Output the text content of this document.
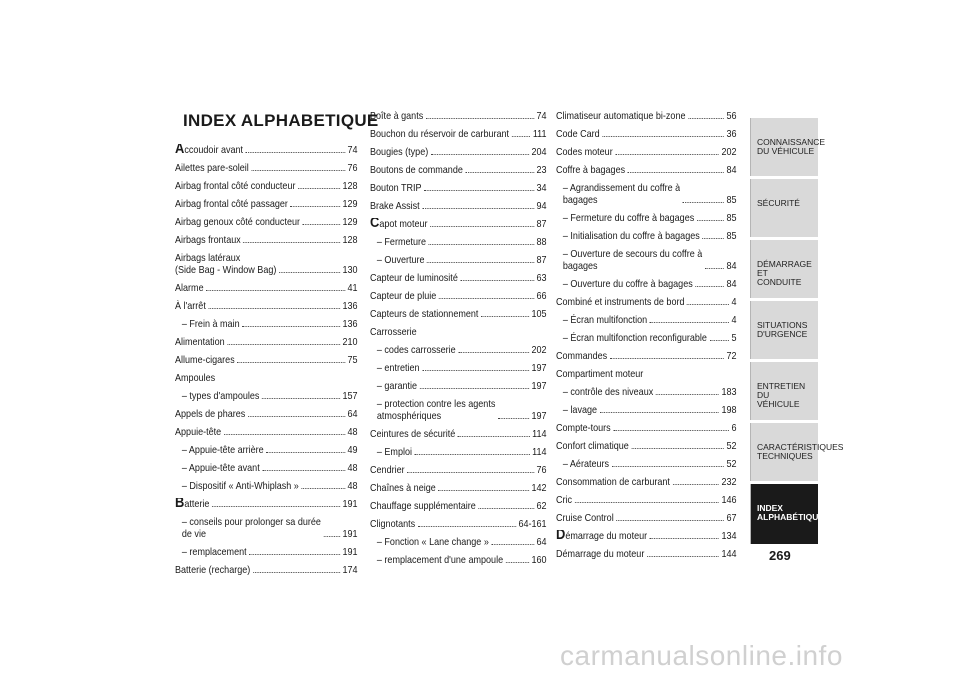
INDEX ALPHABETIQUE
Accoudoir avant	74
Ailettes pare-soleil	76
Airbag frontal côté conducteur	128
Airbag frontal côté passager	129
Airbag genoux côté conducteur	129
Airbags frontaux	128
Airbags latéraux
(Side Bag - Window Bag)	130
Alarme	41
À l'arrêt	136
– Frein à main	136
Alimentation	210
Allume-cigares	75
Ampoules
– types d'ampoules	157
Appels de phares	64
Appuie-tête	48
– Appuie-tête arrière	49
– Appuie-tête avant	48
– Dispositif « Anti-Whiplash »	48
Batterie	191
– conseils pour prolonger sa durée
de vie	191
– remplacement	191
Batterie (recharge)	174
Boîte à gants	74
Bouchon du réservoir de carburant 111
Bougies (type)	204
Boutons de commande	23
Bouton TRIP	34
Brake Assist	94
Capot moteur	87
– Fermeture	88
– Ouverture	87
Capteur de luminosité	63
Capteur de pluie	66
Capteurs de stationnement	105
Carrosserie
– codes carrosserie	202
– entretien	197
– garantie	197
– protection contre les agents
atmosphériques	197
Ceintures de sécurité	114
– Emploi	114
Cendrier	76
Chaînes à neige	142
Chauffage supplémentaire	62
Clignotants	64-161
– Fonction « Lane change »	64
– remplacement d'une ampoule	160
Climatiseur automatique bi-zone	56
Code Card	36
Codes moteur	202
Coffre à bagages	84
– Agrandissement du coffre à
bagages	85
– Fermeture du coffre à bagages	85
– Initialisation du coffre à bagages	85
– Ouverture de secours du coffre à
bagages	84
– Ouverture du coffre à bagages	84
Combiné et instruments de bord	4
– Écran multifonction	4
– Écran multifonction reconfigurable 5
Commandes	72
Compartiment moteur
– contrôle des niveaux	183
– lavage	198
Compte-tours	6
Confort climatique	52
– Aérateurs	52
Consommation de carburant	232
Cric	146
Cruise Control	67
Démarrage du moteur	134
Démarrage du moteur	144
CONNAISSANCE
DU VÉHICULE
SÉCURITÉ
DÉMARRAGE ET
CONDUITE
SITUATIONS
D'URGENCE
ENTRETIEN DU
VÉHICULE
CARACTÉRISTIQUES
TECHNIQUES
INDEX
ALPHABÉTIQUE
269
carmanualsonline.info
